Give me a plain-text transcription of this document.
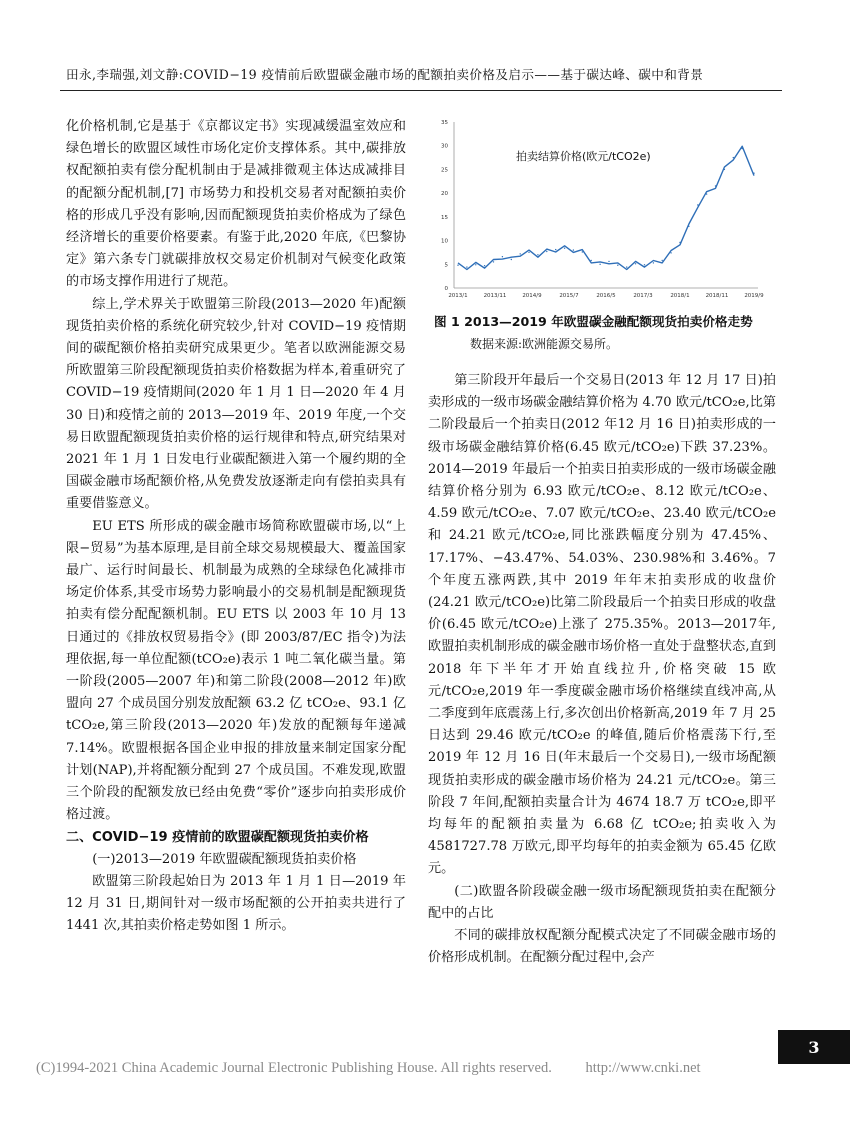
田永,李瑞强,刘文静:COVID−19 疫情前后欧盟碳金融市场的配额拍卖价格及启示——基于碳达峰、碳中和背景

化价格机制,它是基于《京都议定书》实现减缓温室效应和绿色增长的欧盟区域性市场化定价支撑体系。其中,碳排放权配额拍卖有偿分配机制由于是减排微观主体达成减排目的配额分配机制,[7] 市场势力和投机交易者对配额拍卖价格的形成几乎没有影响,因而配额现货拍卖价格成为了绿色经济增长的重要价格要素。有鉴于此,2020 年底,《巴黎协定》第六条专门就碳排放权交易定价机制对气候变化政策的市场支撑作用进行了规范。

综上,学术界关于欧盟第三阶段(2013—2020 年)配额现货拍卖价格的系统化研究较少,针对 COVID−19 疫情期间的碳配额价格拍卖研究成果更少。笔者以欧洲能源交易所欧盟第三阶段配额现货拍卖价格数据为样本,着重研究了 COVID−19 疫情期间(2020 年 1 月 1 日—2020 年 4 月 30 日)和疫情之前的 2013—2019 年、2019 年度,一个交易日欧盟配额现货拍卖价格的运行规律和特点,研究结果对 2021 年 1 月 1 日发电行业碳配额进入第一个履约期的全国碳金融市场配额价格,从免费发放逐渐走向有偿拍卖具有重要借鉴意义。

EU ETS 所形成的碳金融市场简称欧盟碳市场,以“上限−贸易”为基本原理,是目前全球交易规模最大、覆盖国家最广、运行时间最长、机制最为成熟的全球绿色化减排市场定价体系,其受市场势力影响最小的交易机制是配额现货拍卖有偿分配配额机制。EU ETS 以 2003 年 10 月 13 日通过的《排放权贸易指令》(即 2003/87/EC 指令)为法理依据,每一单位配额(tCO₂e)表示 1 吨二氧化碳当量。第一阶段(2005—2007 年)和第二阶段(2008—2012 年)欧盟向 27 个成员国分别发放配额 63.2 亿 tCO₂e、93.1 亿 tCO₂e,第三阶段(2013—2020 年)发放的配额每年递减 7.14%。欧盟根据各国企业申报的排放量来制定国家分配计划(NAP),并将配额分配到 27 个成员国。不难发现,欧盟三个阶段的配额发放已经由免费“零价”逐步向拍卖形成价格过渡。

二、COVID−19 疫情前的欧盟碳配额现货拍卖价格

(一)2013—2019 年欧盟碳配额现货拍卖价格

欧盟第三阶段起始日为 2013 年 1 月 1 日—2019 年 12 月 31 日,期间针对一级市场配额的公开拍卖共进行了 1441 次,其拍卖价格走势如图 1 所示。

0
5
10
15
20
25
30
35
2013/1	2013/11	2014/9	2015/7	2016/5	2017/3	2018/1	2018/11	2019/9
拍卖结算价格(欧元/tCO2e)
图 1 2013—2019 年欧盟碳金融配额现货拍卖价格走势
数据来源:欧洲能源交易所。

第三阶段开年最后一个交易日(2013 年 12 月 17 日)拍卖形成的一级市场碳金融结算价格为 4.70 欧元/tCO₂e,比第二阶段最后一个拍卖日(2012 年12 月 16 日)拍卖形成的一级市场碳金融结算价格(6.45 欧元/tCO₂e)下跌 37.23%。2014—2019 年最后一个拍卖日拍卖形成的一级市场碳金融结算价格分别为 6.93 欧元/tCO₂e、8.12 欧元/tCO₂e、4.59 欧元/tCO₂e、7.07 欧元/tCO₂e、23.40 欧元/tCO₂e 和 24.21 欧元/tCO₂e,同比涨跌幅度分别为 47.45%、17.17%、−43.47%、54.03%、230.98%和 3.46%。7 个年度五涨两跌,其中 2019 年年末拍卖形成的收盘价(24.21 欧元/tCO₂e)比第二阶段最后一个拍卖日形成的收盘价(6.45 欧元/tCO₂e)上涨了 275.35%。2013—2017年,欧盟拍卖机制形成的碳金融市场价格一直处于盘整状态,直到 2018 年下半年才开始直线拉升,价格突破 15 欧元/tCO₂e,2019 年一季度碳金融市场价格继续直线冲高,从二季度到年底震荡上行,多次创出价格新高,2019 年 7 月 25 日达到 29.46 欧元/tCO₂e 的峰值,随后价格震荡下行,至 2019 年 12 月 16 日(年末最后一个交易日),一级市场配额现货拍卖形成的碳金融市场价格为 24.21 元/tCO₂e。第三阶段 7 年间,配额拍卖量合计为 4674 18.7 万 tCO₂e,即平均每年的配额拍卖量为 6.68 亿 tCO₂e;拍卖收入为 4581727.78 万欧元,即平均每年的拍卖金额为 65.45 亿欧元。

(二)欧盟各阶段碳金融一级市场配额现货拍卖在配额分配中的占比

不同的碳排放权配额分配模式决定了不同碳金融市场的价格形成机制。在配额分配过程中,会产

3
(C)1994-2021 China Academic Journal Electronic Publishing House. All rights reserved. http://www.cnki.net
